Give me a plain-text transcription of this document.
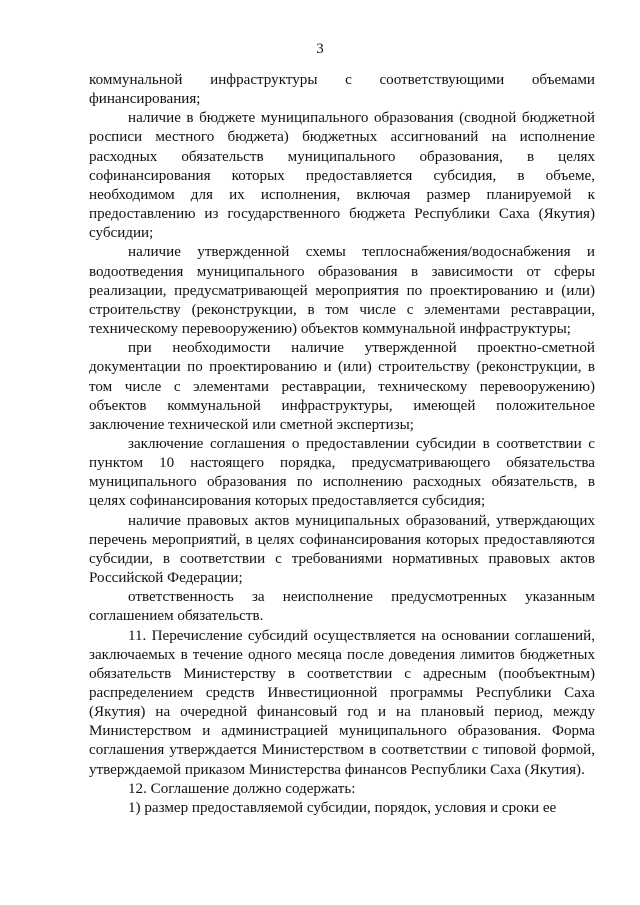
3

коммунальной инфраструктуры с соответствующими объемами финансирования;

наличие в бюджете муниципального образования (сводной бюджетной росписи местного бюджета) бюджетных ассигнований на исполнение расходных обязательств муниципального образования, в целях софинансирования которых предоставляется субсидия, в объеме, необходимом для их исполнения, включая размер планируемой к предоставлению из государственного бюджета Республики Саха (Якутия) субсидии;

наличие утвержденной схемы теплоснабжения/водоснабжения и водоотведения муниципального образования в зависимости от сферы реализации, предусматривающей мероприятия по проектированию и (или) строительству (реконструкции, в том числе с элементами реставрации, техническому перевооружению) объектов коммунальной инфраструктуры;

при необходимости наличие утвержденной проектно-сметной документации по проектированию и (или) строительству (реконструкции, в том числе с элементами реставрации, техническому перевооружению) объектов коммунальной инфраструктуры, имеющей положительное заключение технической или сметной экспертизы;

заключение соглашения о предоставлении субсидии в соответствии с пунктом 10 настоящего порядка, предусматривающего обязательства муниципального образования по исполнению расходных обязательств, в целях софинансирования которых предоставляется субсидия;

наличие правовых актов муниципальных образований, утверждающих перечень мероприятий, в целях софинансирования которых предоставляются субсидии, в соответствии с требованиями нормативных правовых актов Российской Федерации;

ответственность за неисполнение предусмотренных указанным соглашением обязательств.

11. Перечисление субсидий осуществляется на основании соглашений, заключаемых в течение одного месяца после доведения лимитов бюджетных обязательств Министерству в соответствии с адресным (пообъектным) распределением средств Инвестиционной программы Республики Саха (Якутия) на очередной финансовый год и на плановый период, между Министерством и администрацией муниципального образования. Форма соглашения утверждается Министерством в соответствии с типовой формой, утверждаемой приказом Министерства финансов Республики Саха (Якутия).

12. Соглашение должно содержать:

1) размер предоставляемой субсидии, порядок, условия и сроки ее
